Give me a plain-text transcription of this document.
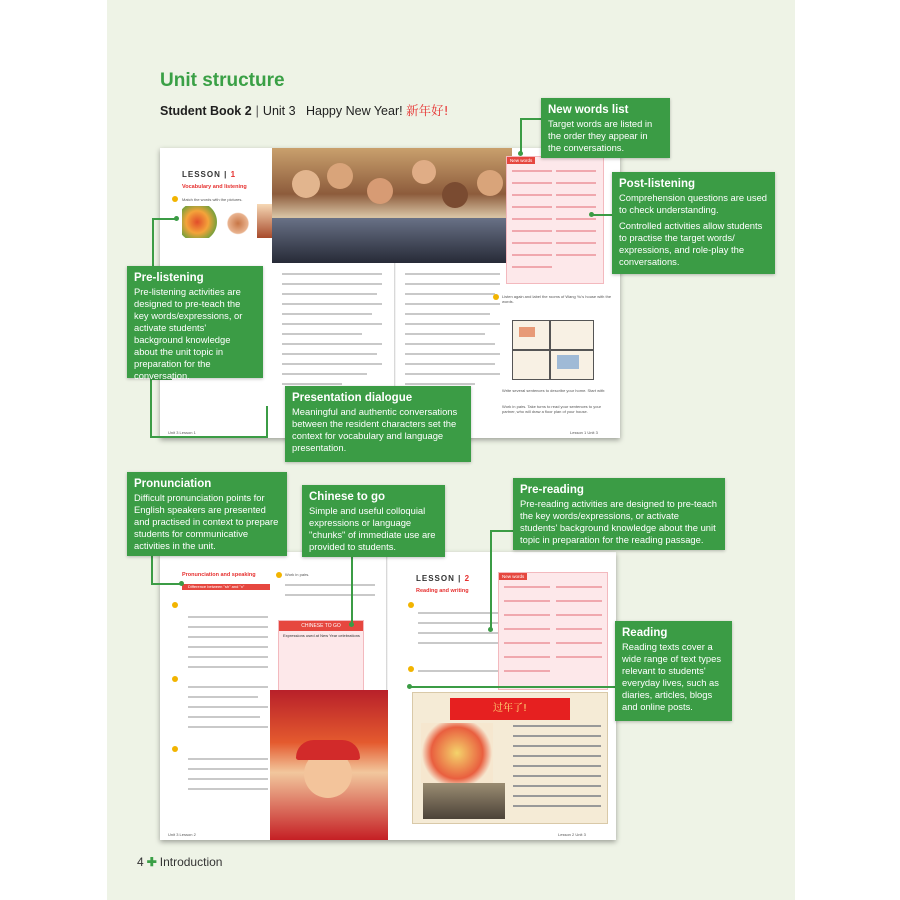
Unit structure
Student Book 2 | Unit 3 Happy New Year! 新年好!
LESSON | 1
Vocabulary and listening
Match the words with the pictures.
New words
Listen again and label the rooms of Wang Yu's house with the words.
Write several sentences to describe your home. Start with:
Work in pairs. Take turns to read your sentences to your partner, who will draw a floor plan of your house.
Unit 3 Lesson 1	Lesson 1 Unit 3
Pronunciation and speaking
Difference between "sh" and "x"
Work in pairs.
CHINESE TO GO
Expressions used at New Year celebrations
LESSON | 2
Reading and writing
New words
过年了!
Unit 3 Lesson 2	Lesson 2 Unit 3
New words list

Target words are listed in the order they appear in the conversations.

Post-listening

Comprehension questions are used to check understanding.

Controlled activities allow students to practise the target words/ expressions, and role-play the conversations.

Pre-listening

Pre-listening activities are designed to pre-teach the key words/expressions, or activate students' background knowledge about the unit topic in preparation for the conversation.

Presentation dialogue

Meaningful and authentic conversations between the resident characters set the context for vocabulary and language presentation.

Pronunciation

Difficult pronunciation points for English speakers are presented and practised in context to prepare students for communicative activities in the unit.

Chinese to go

Simple and useful colloquial expressions or language "chunks" of immediate use are provided to students.

Pre-reading

Pre-reading activities are designed to pre-teach the key words/expressions, or activate students' background knowledge about the unit topic in preparation for the reading passage.

Reading

Reading texts cover a wide range of text types relevant to students' everyday lives, such as diaries, articles, blogs and online posts.

4 ✚ Introduction
